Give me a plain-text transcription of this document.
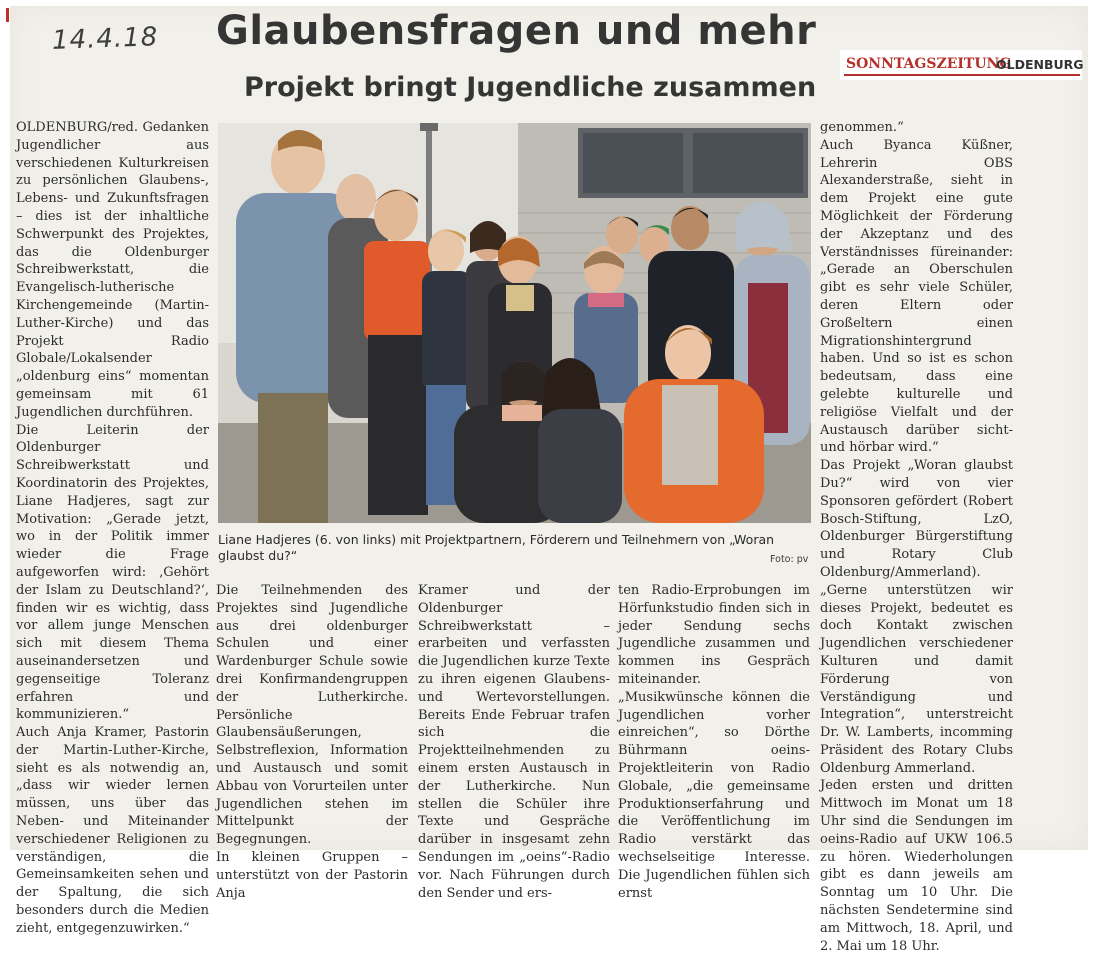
14.4.18 Glaubensfragen und mehr
Projekt bringt Jugendliche zusammen
SONNTAGSZEITUNG
OLDENBURG

OLDENBURG/red. Gedanken Jugendlicher aus verschiedenen Kulturkreisen zu persönlichen Glaubens-, Lebens- und Zukunftsfragen – dies ist der inhaltliche Schwerpunkt des Projektes, das die Oldenburger Schreibwerkstatt, die Evangelisch-lutherische Kirchengemeinde (Martin-Luther-Kirche) und das Projekt Radio Globale/Lokalsender „oldenburg eins“ momentan gemeinsam mit 61 Jugendlichen durchführen.

Die Leiterin der Oldenburger Schreibwerkstatt und Koordinatorin des Projektes, Liane Hadjeres, sagt zur Motivation: „Gerade jetzt, wo in der Politik immer wieder die Frage aufgeworfen wird: ‚Gehört der Islam zu Deutschland?‘, finden wir es wichtig, dass vor allem junge Menschen sich mit diesem Thema auseinandersetzen und gegenseitige Toleranz erfahren und kommunizieren.“

Auch Anja Kramer, Pastorin der Martin-Luther-Kirche, sieht es als notwendig an, „dass wir wieder lernen müssen, uns über das Neben- und Miteinander verschiedener Religionen zu verständigen, die Gemeinsamkeiten sehen und der Spaltung, die sich besonders durch die Medien zieht, entgegenzuwirken.“

Liane Hadjeres (6. von links) mit Projektpartnern, Förderern und Teilnehmern von „Woran glaubst du?“	Foto: pv

Die Teilnehmenden des Projektes sind Jugendliche aus drei oldenburger Schulen und einer Wardenburger Schule sowie drei Konfirmandengruppen der Lutherkirche. Persönliche Glaubensäußerungen, Selbstreflexion, Information und Austausch und somit Abbau von Vorurteilen unter Jugendlichen stehen im Mittelpunkt der Begegnungen.

In kleinen Gruppen – unterstützt von der Pastorin Anja

Kramer und der Oldenburger Schreibwerkstatt – erarbeiten und verfassten die Jugendlichen kurze Texte zu ihren eigenen Glaubens- und Wertevorstellungen. Bereits Ende Februar trafen sich die Projektteilnehmenden zu einem ersten Austausch in der Lutherkirche. Nun stellen die Schüler ihre Texte und Gespräche darüber in insgesamt zehn Sendungen im „oeins“-Radio vor. Nach Führungen durch den Sender und ers-

ten Radio-Erprobungen im Hörfunkstudio finden sich in jeder Sendung sechs Jugendliche zusammen und kommen ins Gespräch miteinander. „Musikwünsche können die Jugendlichen vorher einreichen“, so Dörthe Bührmann oeins-Projektleiterin von Radio Globale, „die gemeinsame Produktionserfahrung und die Veröffentlichung im Radio verstärkt das wechselseitige Interesse. Die Jugendlichen fühlen sich ernst

genommen.“

Auch Byanca Küßner, Lehrerin OBS Alexanderstraße, sieht in dem Projekt eine gute Möglichkeit der Förderung der Akzeptanz und des Verständnisses füreinander: „Gerade an Oberschulen gibt es sehr viele Schüler, deren Eltern oder Großeltern einen Migrationshintergrund haben. Und so ist es schon bedeutsam, dass eine gelebte kulturelle und religiöse Vielfalt und der Austausch darüber sicht- und hörbar wird.“

Das Projekt „Woran glaubst Du?“ wird von vier Sponsoren gefördert (Robert Bosch-Stiftung, LzO, Oldenburger Bürgerstiftung und Rotary Club Oldenburg/Ammerland). „Gerne unterstützen wir dieses Projekt, bedeutet es doch Kontakt zwischen Jugendlichen verschiedener Kulturen und damit Förderung von Verständigung und Integration“, unterstreicht Dr. W. Lamberts, incomming Präsident des Rotary Clubs Oldenburg Ammerland.

Jeden ersten und dritten Mittwoch im Monat um 18 Uhr sind die Sendungen im oeins-Radio auf UKW 106.5 zu hören. Wiederholungen gibt es dann jeweils am Sonntag um 10 Uhr. Die nächsten Sendetermine sind am Mittwoch, 18. April, und 2. Mai um 18 Uhr.
